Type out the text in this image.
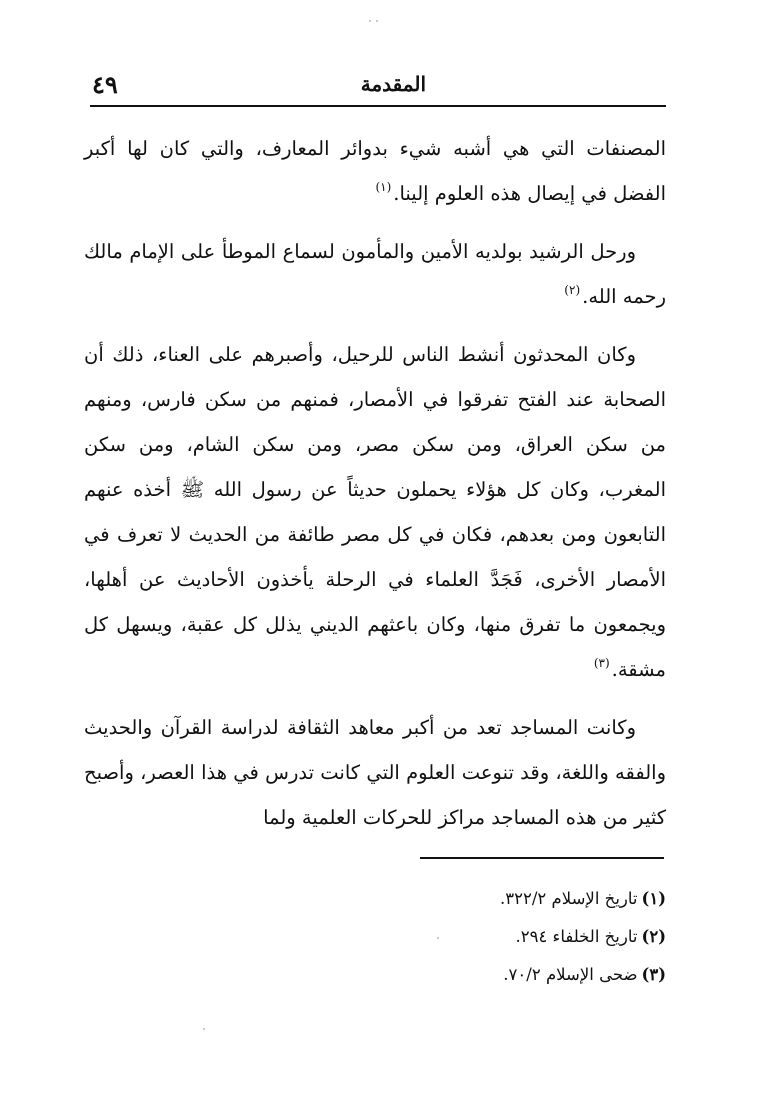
المقدمة
٤٩

المصنفات التي هي أشبه شيء بدوائر المعارف، والتي كان لها أكبر الفضل في إيصال هذه العلوم إلينا.$^{(١)}$

ورحل الرشيد بولديه الأمين والمأمون لسماع الموطأ على الإمام مالك رحمه الله.$^{(٢)}$

وكان المحدثون أنشط الناس للرحيل، وأصبرهم على العناء، ذلك أن الصحابة عند الفتح تفرقوا في الأمصار، فمنهم من سكن فارس، ومنهم من سكن العراق، ومن سكن مصر، ومن سكن الشام، ومن سكن المغرب، وكان كل هؤلاء يحملون حديثاً عن رسول الله ﷺ أخذه عنهم التابعون ومن بعدهم، فكان في كل مصر طائفة من الحديث لا تعرف في الأمصار الأخرى، فَجَدَّ العلماء في الرحلة يأخذون الأحاديث عن أهلها، ويجمعون ما تفرق منها، وكان باعثهم الديني يذلل كل عقبة، ويسهل كل مشقة.$^{(٣)}$

وكانت المساجد تعد من أكبر معاهد الثقافة لدراسة القرآن والحديث والفقه واللغة، وقد تنوعت العلوم التي كانت تدرس في هذا العصر، وأصبح كثير من هذه المساجد مراكز للحركات العلمية ولما

(١)تاريخ الإسلام ٣٢٢/٢.

(٢)تاريخ الخلفاء ٢٩٤.

(٣)ضحى الإسلام ٧٠/٢.
